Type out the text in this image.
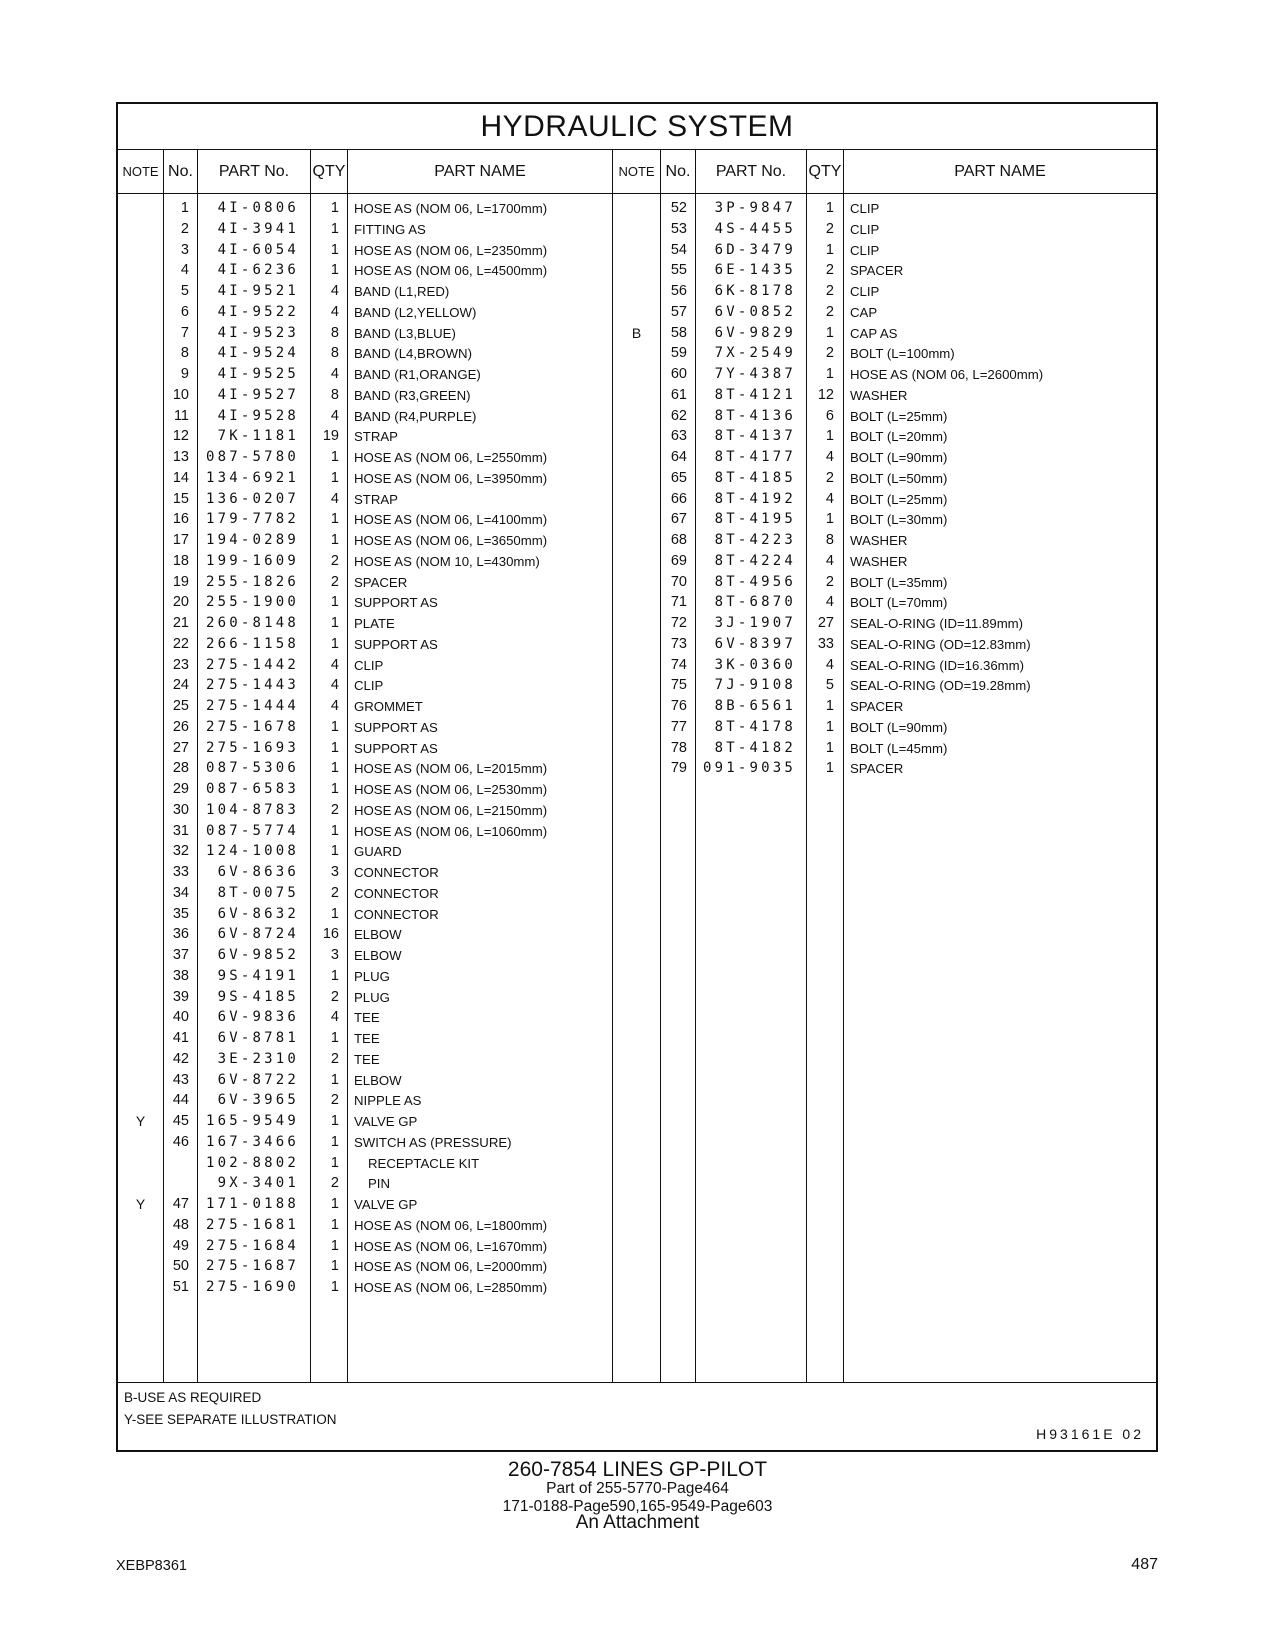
HYDRAULIC SYSTEM
NOTE No.	PART No.	QTY	PART NAME	NOTE No.	PART No.	QTY	PART NAME
1	4I-0806	1 HOSE AS (NOM 06, L=1700mm)
2	4I-3941	1 FITTING AS
3	4I-6054	1 HOSE AS (NOM 06, L=2350mm)
4	4I-6236	1 HOSE AS (NOM 06, L=4500mm)
5	4I-9521	4 BAND (L1,RED)
6	4I-9522	4 BAND (L2,YELLOW)
7	4I-9523	8 BAND (L3,BLUE)
8	4I-9524	8 BAND (L4,BROWN)
9	4I-9525	4 BAND (R1,ORANGE)
10	4I-9527	8 BAND (R3,GREEN)
11	4I-9528	4 BAND (R4,PURPLE)
12	7K-1181	19 STRAP
13	087-5780	1 HOSE AS (NOM 06, L=2550mm)
14	134-6921	1 HOSE AS (NOM 06, L=3950mm)
15	136-0207	4 STRAP
16	179-7782	1 HOSE AS (NOM 06, L=4100mm)
17	194-0289	1 HOSE AS (NOM 06, L=3650mm)
18	199-1609	2 HOSE AS (NOM 10, L=430mm)
19	255-1826	2 SPACER
20	255-1900	1 SUPPORT AS
21	260-8148	1 PLATE
22	266-1158	1 SUPPORT AS
23	275-1442	4 CLIP
24	275-1443	4 CLIP
25	275-1444	4 GROMMET
26	275-1678	1 SUPPORT AS
27	275-1693	1 SUPPORT AS
28	087-5306	1 HOSE AS (NOM 06, L=2015mm)
29	087-6583	1 HOSE AS (NOM 06, L=2530mm)
30	104-8783	2 HOSE AS (NOM 06, L=2150mm)
31	087-5774	1 HOSE AS (NOM 06, L=1060mm)
32	124-1008	1 GUARD
33	6V-8636	3 CONNECTOR
34	8T-0075	2 CONNECTOR
35	6V-8632	1 CONNECTOR
36	6V-8724	16 ELBOW
37	6V-9852	3 ELBOW
38	9S-4191	1 PLUG
39	9S-4185	2 PLUG
40	6V-9836	4 TEE
41	6V-8781	1 TEE
42	3E-2310	2 TEE
43	6V-8722	1 ELBOW
44	6V-3965	2 NIPPLE AS
Y	45	165-9549	1 VALVE GP
46	167-3466	1 SWITCH AS (PRESSURE)
102-8802	1	RECEPTACLE KIT
9X-3401	2	PIN
Y	47	171-0188	1 VALVE GP
48	275-1681	1 HOSE AS (NOM 06, L=1800mm)
49	275-1684	1 HOSE AS (NOM 06, L=1670mm)
50	275-1687	1 HOSE AS (NOM 06, L=2000mm)
51	275-1690	1 HOSE AS (NOM 06, L=2850mm)
52	3P-9847	1 CLIP
53	4S-4455	2 CLIP
54	6D-3479	1 CLIP
55	6E-1435	2 SPACER
56	6K-8178	2 CLIP
57	6V-0852	2 CAP
B	58	6V-9829	1 CAP AS
59	7X-2549	2 BOLT (L=100mm)
60	7Y-4387	1 HOSE AS (NOM 06, L=2600mm)
61	8T-4121	12 WASHER
62	8T-4136	6 BOLT (L=25mm)
63	8T-4137	1 BOLT (L=20mm)
64	8T-4177	4 BOLT (L=90mm)
65	8T-4185	2 BOLT (L=50mm)
66	8T-4192	4 BOLT (L=25mm)
67	8T-4195	1 BOLT (L=30mm)
68	8T-4223	8 WASHER
69	8T-4224	4 WASHER
70	8T-4956	2 BOLT (L=35mm)
71	8T-6870	4 BOLT (L=70mm)
72	3J-1907	27 SEAL-O-RING (ID=11.89mm)
73	6V-8397	33 SEAL-O-RING (OD=12.83mm)
74	3K-0360	4 SEAL-O-RING (ID=16.36mm)
75	7J-9108	5 SEAL-O-RING (OD=19.28mm)
76	8B-6561	1 SPACER
77	8T-4178	1 BOLT (L=90mm)
78	8T-4182	1 BOLT (L=45mm)
79	091-9035	1 SPACER
B-USE AS REQUIRED
Y-SEE SEPARATE ILLUSTRATION
H93161E 02
260-7854 LINES GP-PILOT
Part of 255-5770-Page464
171-0188-Page590,165-9549-Page603
An Attachment
XEBP8361	487
